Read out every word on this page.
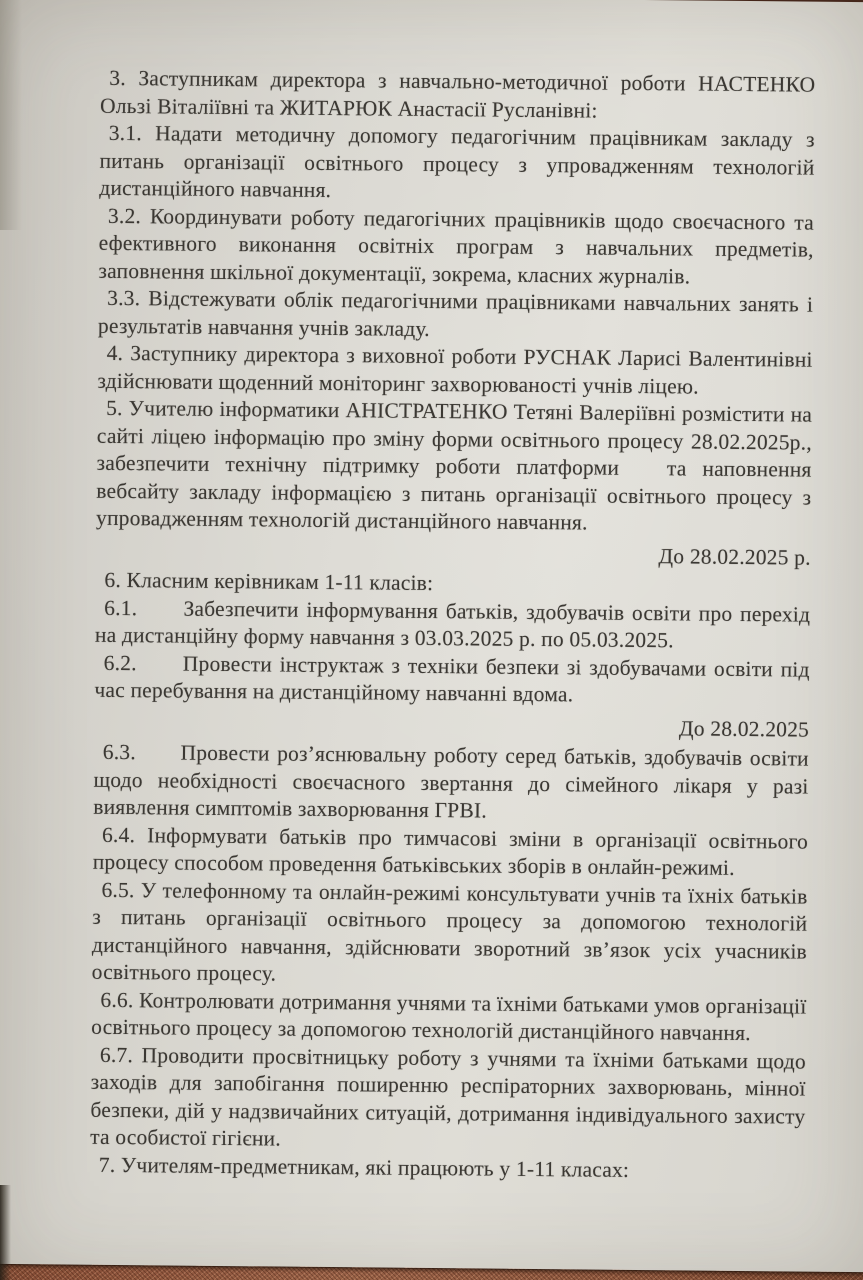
3. Заступникам директора з навчально-методичної роботи НАСТЕНКО Ользі Віталіївні та ЖИТАРЮК Анастасії Русланівні:

3.1. Надати методичну допомогу педагогічним працівникам закладу з питань організації освітнього процесу з упровадженням технологій дистанційного навчання.

3.2. Координувати роботу педагогічних працівників щодо своєчасного та ефективного виконання освітніх програм з навчальних предметів, заповнення шкільної документації, зокрема, класних журналів.

3.3. Відстежувати облік педагогічними працівниками навчальних занять і результатів навчання учнів закладу.

4. Заступнику директора з виховної роботи РУСНАК Ларисі Валентинівні здійснювати щоденний моніторинг захворюваності учнів ліцею.

5. Учителю інформатики АНІСТРАТЕНКО Тетяні Валеріївні розмістити на сайті ліцею інформацію про зміну форми освітнього процесу 28.02.2025р., забезпечити технічну підтримку роботи платформи   та наповнення вебсайту закладу інформацією з питань організації освітнього процесу з упровадженням технологій дистанційного навчання.

До 28.02.2025 р.

6. Класним керівникам 1-11 класів:

6.1.      Забезпечити інформування батьків, здобувачів освіти про перехід на дистанційну форму навчання з 03.03.2025 р. по 05.03.2025.

6.2.      Провести інструктаж з техніки безпеки зі здобувачами освіти під час перебування на дистанційному навчанні вдома.

До 28.02.2025

6.3.      Провести роз’яснювальну роботу серед батьків, здобувачів освіти щодо необхідності своєчасного звертання до сімейного лікаря у разі виявлення симптомів захворювання ГРВІ.

6.4. Інформувати батьків про тимчасові зміни в організації освітнього процесу способом проведення батьківських зборів в онлайн-режимі.

6.5. У телефонному та онлайн-режимі консультувати учнів та їхніх батьків з питань організації освітнього процесу за допомогою технологій дистанційного навчання, здійснювати зворотний зв’язок усіх учасників освітнього процесу.

6.6. Контролювати дотримання учнями та їхніми батьками умов організації освітнього процесу за допомогою технологій дистанційного навчання.

6.7. Проводити просвітницьку роботу з учнями та їхніми батьками щодо заходів для запобігання поширенню респіраторних захворювань, мінної безпеки, дій у надзвичайних ситуацій, дотримання індивідуального захисту та особистої гігієни.

7. Учителям-предметникам, які працюють у 1-11 класах:
